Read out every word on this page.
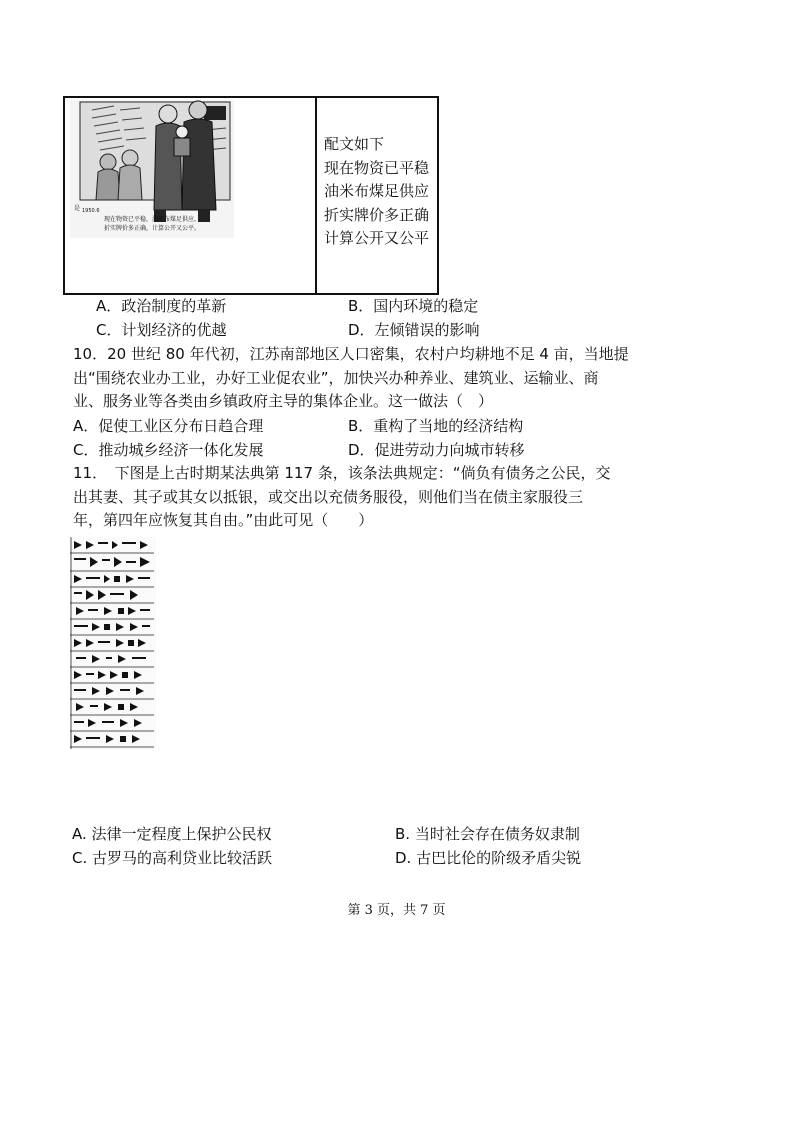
现在物资已平稳，油米布煤足供应，
折实牌价多正确，计算公开又公平。
是 1950.6
配文如下
现在物资已平稳
油米布煤足供应
折实牌价多正确
计算公开又公平
A．政治制度的革新	B．国内环境的稳定
C．计划经济的优越	D．左倾错误的影响
10．20 世纪 80 年代初，江苏南部地区人口密集，农村户均耕地不足 4 亩，当地提
出“围绕农业办工业，办好工业促农业”，加快兴办种养业、建筑业、运输业、商
业、服务业等各类由乡镇政府主导的集体企业。这一做法（　）
A．促使工业区分布日趋合理	B．重构了当地的经济结构
C．推动城乡经济一体化发展	D．促进劳动力向城市转移
11．　下图是上古时期某法典第 117 条，该条法典规定：“倘负有债务之公民，交
出其妻、其子或其女以抵银，或交出以充债务服役，则他们当在债主家服役三
年，第四年应恢复其自由。”由此可见（　　）
A. 法律一定程度上保护公民权	B. 当时社会存在债务奴隶制
C. 古罗马的高利贷业比较活跃	D. 古巴比伦的阶级矛盾尖锐
第 3 页，共 7 页
